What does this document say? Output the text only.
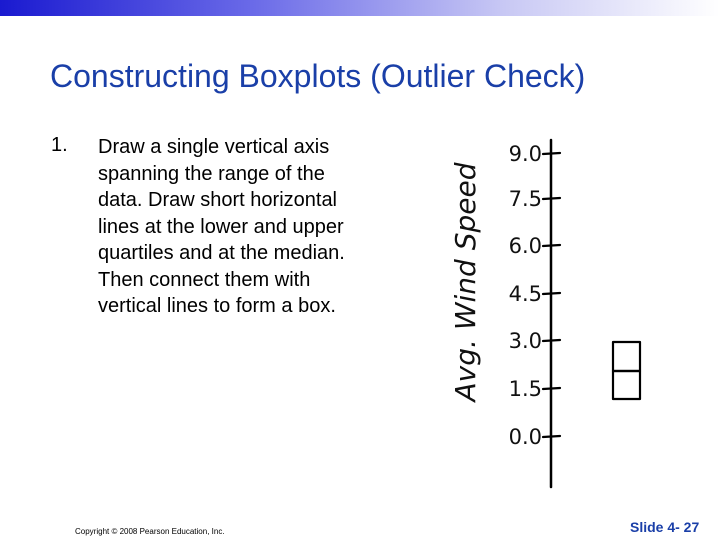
Constructing Boxplots (Outlier Check)
1. Draw a single vertical axis spanning the range of the data. Draw short horizontal lines at the lower and upper quartiles and at the median. Then connect them with vertical lines to form a box.
9.0
7.5
6.0
4.5
3.0
1.5
0.0
Avg. Wind Speed
Copyright © 2008 Pearson Education, Inc.	Slide 4- 27
